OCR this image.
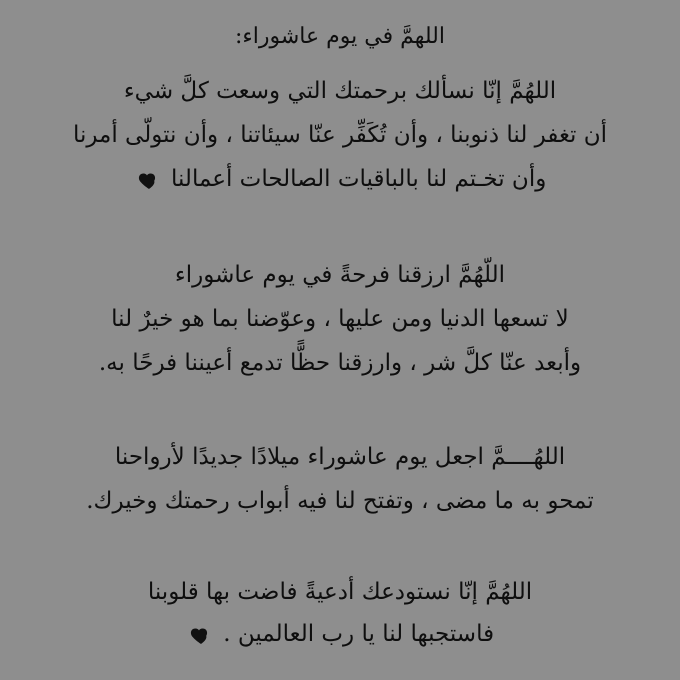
اللهمَّ في يوم عاشوراء:
اللهُمَّ إنّا نسألك برحمتك التي وسعت كلَّ شيء
أن تغفر لنا ذنوبنا ، وأن تُكَفِّر عنّا سيئاتنا ، وأن نتولّى أمرنا
وأن تخـتم لنا بالباقيات الصالحات أعمالنا
اللّهُمَّ ارزقنا فرحةً في يوم عاشوراء
لا تسعها الدنيا ومن عليها ، وعوّضنا بما هو خيرٌ لنا
وأبعد عنّا كلَّ شر ، وارزقنا حظًّا تدمع أعيننا فرحًا به.
اللهُــــمَّ اجعل يوم عاشوراء ميلادًا جديدًا لأرواحنا
تمحو به ما مضى ، وتفتح لنا فيه أبواب رحمتك وخيرك.
اللهُمَّ إنّا نستودعك أدعيةً فاضت بها قلوبنا
فاستجبها لنا يا رب العالمين .
